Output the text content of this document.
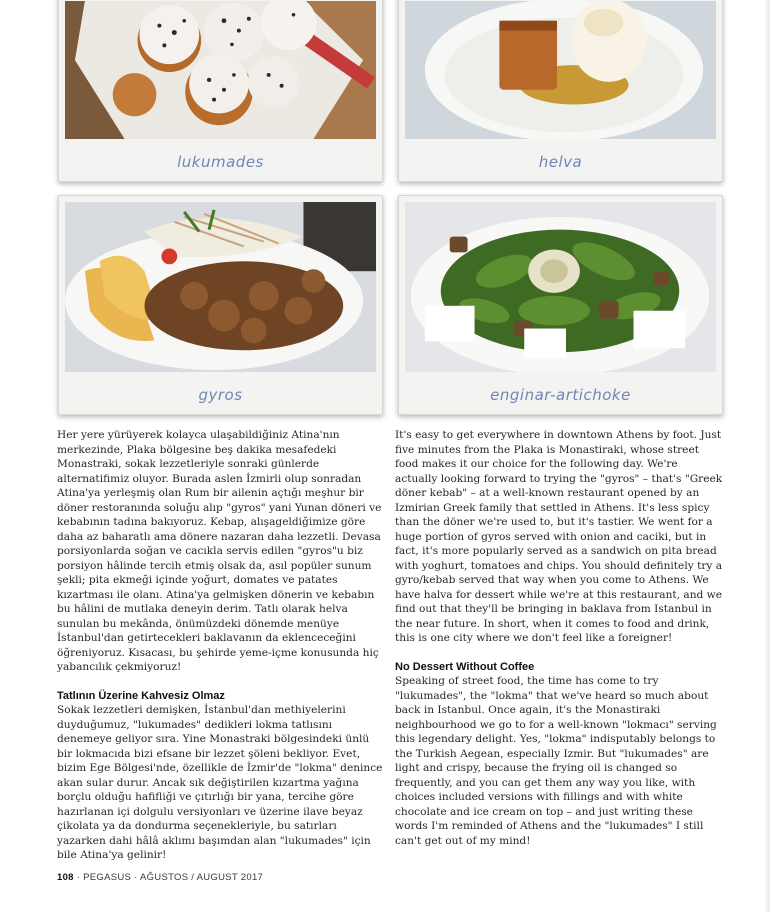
lukumades	helva
gyros	enginar-artichoke

Her yere yürüyerek kolayca ulaşabildiğiniz Atina'nın merkezinde, Plaka bölgesine beş dakika mesafedeki Monastraki, sokak lezzetleriyle sonraki günlerde alternatifimiz oluyor. Burada aslen İzmirli olup sonradan Atina'ya yerleşmiş olan Rum bir ailenin açtığı meşhur bir döner restoranında soluğu alıp "gyros" yani Yunan döneri ve kebabının tadına bakıyoruz. Kebap, alışageldiğimize göre daha az baharatlı ama dönere nazaran daha lezzetli. Devasa porsiyonlarda soğan ve cacıkla servis edilen "gyros"u biz porsiyon hâlinde tercih etmiş olsak da, asıl popüler sunum şekli; pita ekmeği içinde yoğurt, domates ve patates kızartması ile olanı. Atina'ya gelmişken dönerin ve kebabın bu hâlini de mutlaka deneyin derim. Tatlı olarak helva sunulan bu mekânda, önümüzdeki dönemde menüye İstanbul'dan getirtecekleri baklavanın da eklenceceğini öğreniyoruz. Kısacası, bu şehirde yeme-içme konusunda hiç yabancılık çekmiyoruz!

Tatlının Üzerine Kahvesiz Olmaz

Sokak lezzetleri demişken, İstanbul'dan methiyelerini duyduğumuz, "lukumades" dedikleri lokma tatlısını denemeye geliyor sıra. Yine Monastraki bölgesindeki ünlü bir lokmacıda bizi efsane bir lezzet şöleni bekliyor. Evet, bizim Ege Bölgesi'nde, özellikle de İzmir'de "lokma" denince akan sular durur. Ancak sık değiştirilen kızartma yağına borçlu olduğu hafifliği ve çıtırlığı bir yana, tercihe göre hazırlanan içi dolgulu versiyonları ve üzerine ilave beyaz çikolata ya da dondurma seçenekleriyle, bu satırları yazarken dahi hâlâ aklımı başımdan alan "lukumades" için bile Atina'ya gelinir!

It's easy to get everywhere in downtown Athens by foot. Just five minutes from the Plaka is Monastiraki, whose street food makes it our choice for the following day. We're actually looking forward to trying the "gyros" – that's "Greek döner kebab" – at a well-known restaurant opened by an Izmirian Greek family that settled in Athens. It's less spicy than the döner we're used to, but it's tastier. We went for a huge portion of gyros served with onion and caciki, but in fact, it's more popularly served as a sandwich on pita bread with yoghurt, tomatoes and chips. You should definitely try a gyro/kebab served that way when you come to Athens. We have halva for dessert while we're at this restaurant, and we find out that they'll be bringing in baklava from Istanbul in the near future. In short, when it comes to food and drink, this is one city where we don't feel like a foreigner!

No Dessert Without Coffee

Speaking of street food, the time has come to try "lukumades", the "lokma" that we've heard so much about back in Istanbul. Once again, it's the Monastiraki neighbourhood we go to for a well-known "lokmacı" serving this legendary delight. Yes, "lokma" indisputably belongs to the Turkish Aegean, especially Izmir. But "lukumades" are light and crispy, because the frying oil is changed so frequently, and you can get them any way you like, with choices included versions with fillings and with white chocolate and ice cream on top – and just writing these words I'm reminded of Athens and the "lukumades" I still can't get out of my mind!

108 · PEGASUS · AĞUSTOS / AUGUST 2017
